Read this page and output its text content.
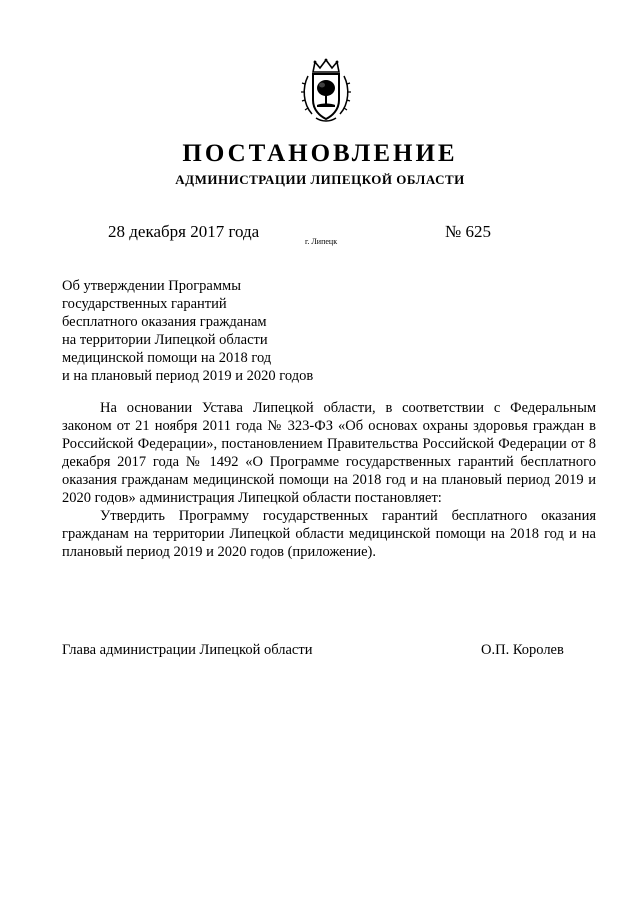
ПОСТАНОВЛЕНИЕ
АДМИНИСТРАЦИИ ЛИПЕЦКОЙ ОБЛАСТИ
28 декабря 2017 года
г. Липецк
№ 625
Об утверждении Программы
государственных гарантий
бесплатного оказания гражданам
на территории Липецкой области
медицинской помощи на 2018 год
и на плановый период 2019 и 2020 годов

На основании Устава Липецкой области, в соответствии с Федеральным законом от 21 ноября 2011 года № 323-ФЗ «Об основах охраны здоровья граждан в Российской Федерации», постановлением Правительства Российской Федерации от 8 декабря 2017 года № 1492 «О Программе государственных гарантий бесплатного оказания гражданам медицинской помощи на 2018 год и на плановый период 2019 и 2020 годов» администрация Липецкой области постановляет:

Утвердить Программу государственных гарантий бесплатного оказания гражданам на территории Липецкой области медицинской помощи на 2018 год и на плановый период 2019 и 2020 годов (приложение).

Глава администрации Липецкой области	О.П. Королев
